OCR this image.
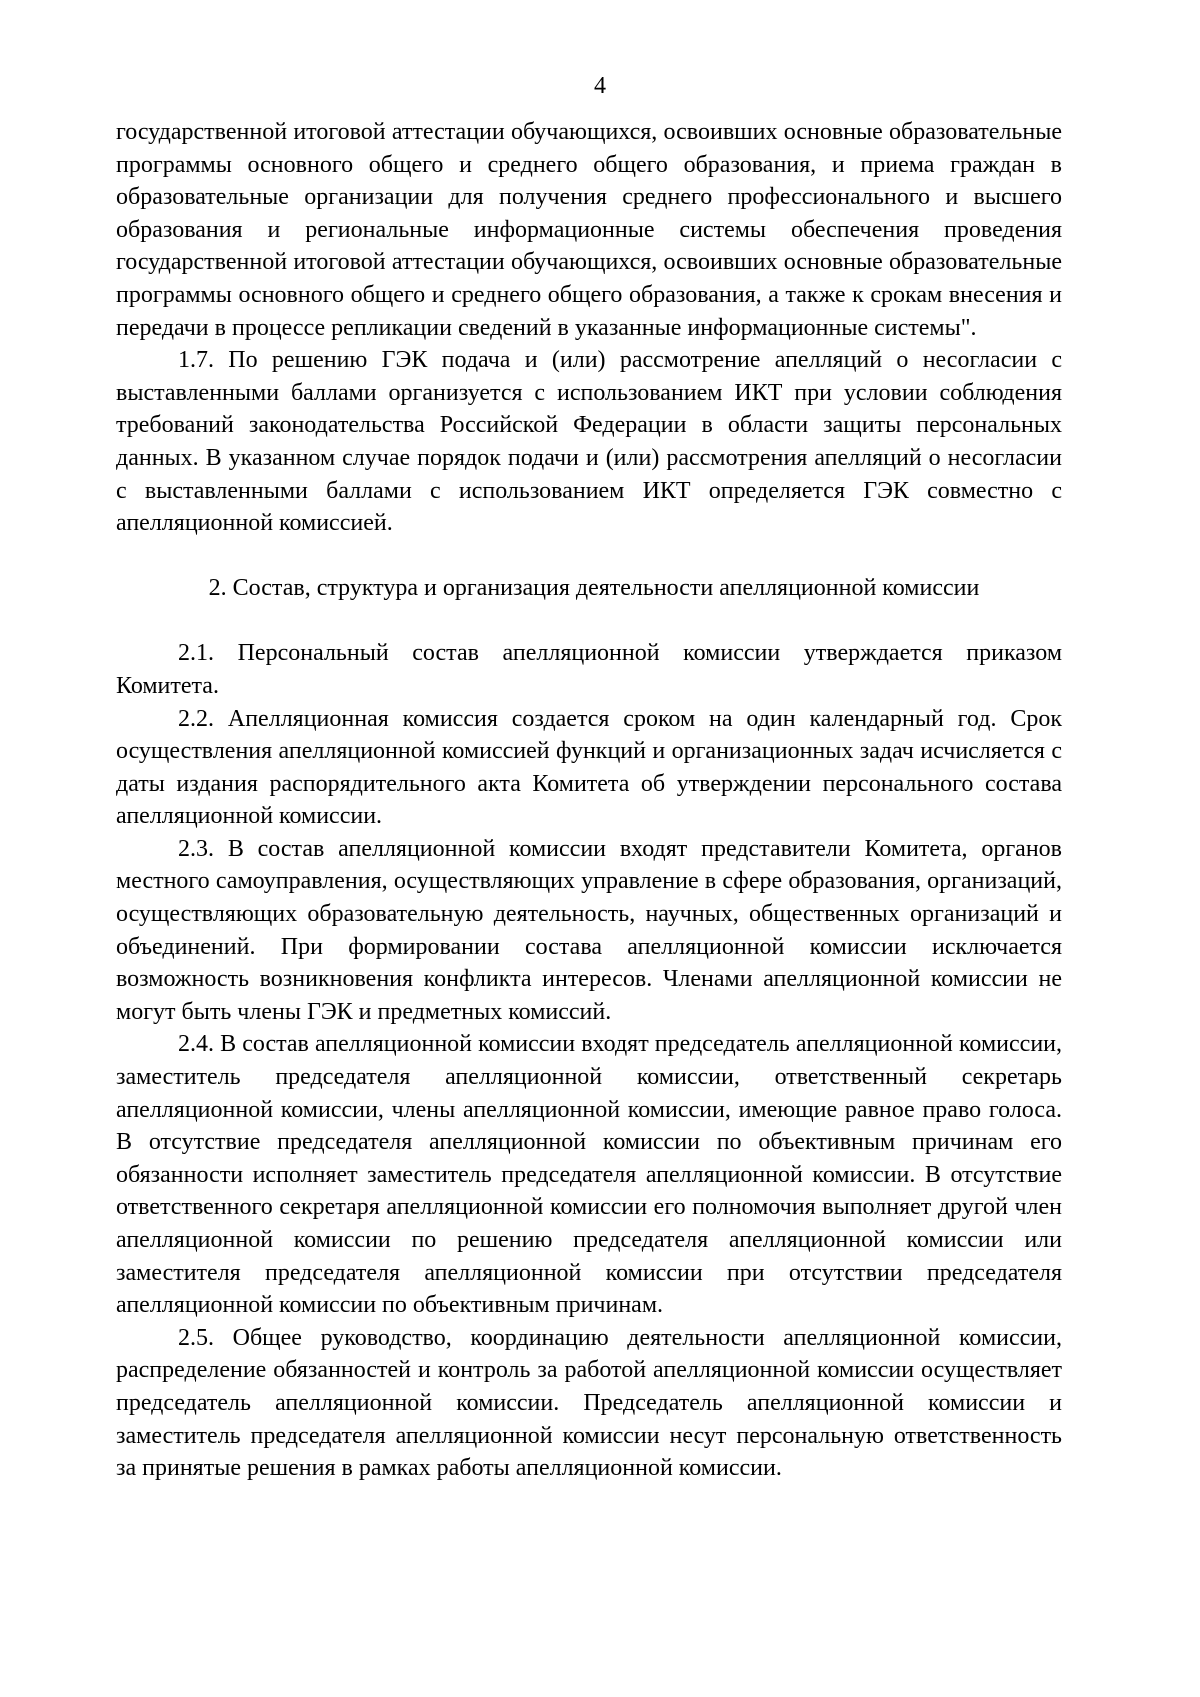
4

государственной итоговой аттестации обучающихся, освоивших основные образовательные программы основного общего и среднего общего образования, и приема граждан в образовательные организации для получения среднего профессионального и высшего образования и региональные информационные системы обеспечения проведения государственной итоговой аттестации обучающихся, освоивших основные образовательные программы основного общего и среднего общего образования, а также к срокам внесения и передачи в процессе репликации сведений в указанные информационные системы".

1.7. По решению ГЭК подача и (или) рассмотрение апелляций о несогласии с выставленными баллами организуется с использованием ИКТ при условии соблюдения требований законодательства Российской Федерации в области защиты персональных данных. В указанном случае порядок подачи и (или) рассмотрения апелляций о несогласии с выставленными баллами с использованием ИКТ определяется ГЭК совместно с апелляционной комиссией.

2. Состав, структура и организация деятельности апелляционной комиссии

2.1. Персональный состав апелляционной комиссии утверждается приказом Комитета.

2.2. Апелляционная комиссия создается сроком на один календарный год. Срок осуществления апелляционной комиссией функций и организационных задач исчисляется с даты издания распорядительного акта Комитета об утверждении персонального состава апелляционной комиссии.

2.3. В состав апелляционной комиссии входят представители Комитета, органов местного самоуправления, осуществляющих управление в сфере образования, организаций, осуществляющих образовательную деятельность, научных, общественных организаций и объединений. При формировании состава апелляционной комиссии исключается возможность возникновения конфликта интересов. Членами апелляционной комиссии не могут быть члены ГЭК и предметных комиссий.

2.4. В состав апелляционной комиссии входят председатель апелляционной комиссии, заместитель председателя апелляционной комиссии, ответственный секретарь апелляционной комиссии, члены апелляционной комиссии, имеющие равное право голоса. В отсутствие председателя апелляционной комиссии по объективным причинам его обязанности исполняет заместитель председателя апелляционной комиссии. В отсутствие ответственного секретаря апелляционной комиссии его полномочия выполняет другой член апелляционной комиссии по решению председателя апелляционной комиссии или заместителя председателя апелляционной комиссии при отсутствии председателя апелляционной комиссии по объективным причинам.

2.5. Общее руководство, координацию деятельности апелляционной комиссии, распределение обязанностей и контроль за работой апелляционной комиссии осуществляет председатель апелляционной комиссии. Председатель апелляционной комиссии и заместитель председателя апелляционной комиссии несут персональную ответственность за принятые решения в рамках работы апелляционной комиссии.
